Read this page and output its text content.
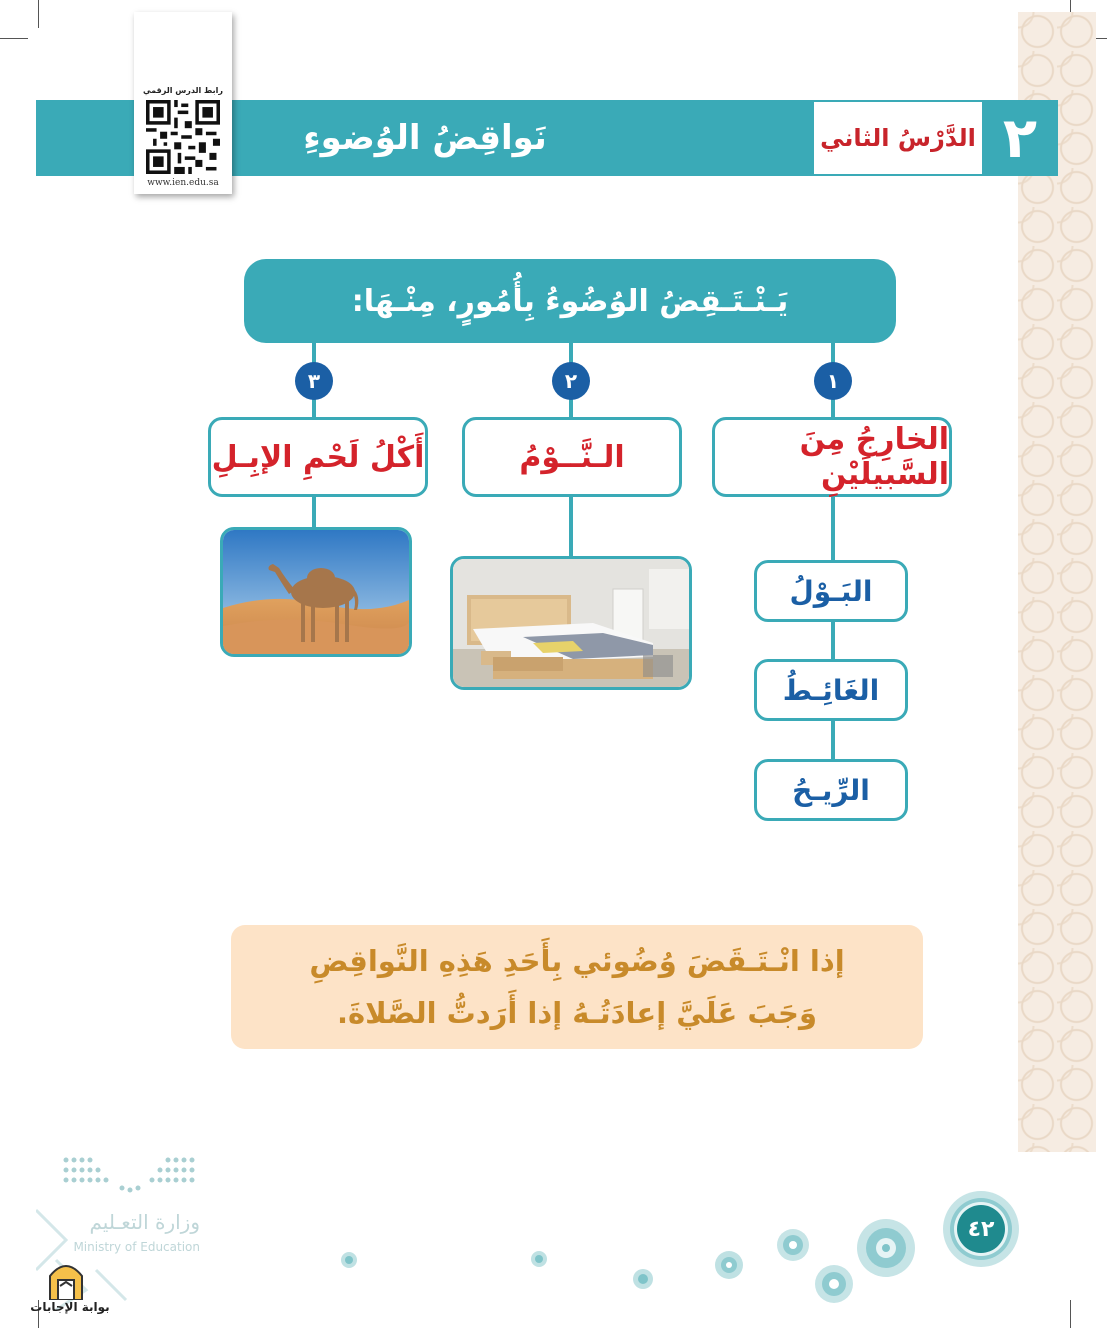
نَواقِضُ الوُضوءِ	الدَّرْسُ الثاني ٢
رابط الدرس الرقمي
www.ien.edu.sa
يَـنْـتَـقِضُ الوُضُوءُ بِأُمُورٍ، مِنْـهَا:
٣	٢	١
أَكْلُ لَحْمِ الإبِـلِ	الـنَّــوْمُ	الخارِجُ مِنَ السَّبيلَيْنِ
البَـوْلُ
الغَائِـطُ
الرِّيـحُ
إذا انْـتَـقَضَ وُضُوئي بِأَحَدِ هَذِهِ النَّواقِضِ
وَجَبَ عَلَيَّ إعادَتُـهُ إذا أَرَدتُّ الصَّلاةَ.
٤٢
وزارة التعـليم
Ministry of Education
بوابة الإجابات
